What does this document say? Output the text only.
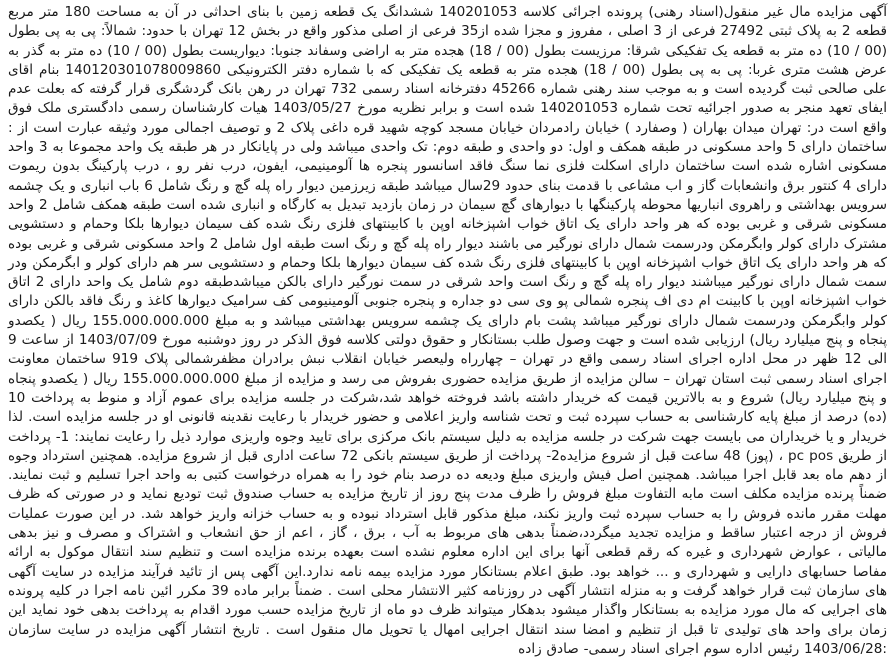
آگهی مزایده مال غیر منقول(اسناد رهنی) پرونده اجرائی کلاسه 140201053 ششدانگ یک قطعه زمین با بنای احداثی در آن به مساحت 180 متر مربع قطعه 2 به پلاک ثبتی 27492 فرعی از 3 اصلی ، مفروز و مجزا شده از35 فرعی از اصلی مذکور واقع در بخش 12 تهران با حدود: شمالاً: پی به پی بطول (00 / 10) ده متر به قطعه یک تفکیکی شرقا: مرزیست بطول (00 / 18) هجده متر به اراضی وسفاند جنوبا: دیواریست بطول (00 / 10) ده متر به گذر به عرض هشت متری غربا: پی به پی بطول (00 / 18) هجده متر به قطعه یک تفکیکی که با شماره دفتر الکترونیکی 140120301078009860 بنام اقای علی صالحی ثبت گردیده است و به موجب سند رهنی شماره 45266 دفترخانه اسناد رسمی 732 تهران در رهن بانک گردشگری قرار گرفته که بعلت عدم ایفای تعهد منجر به صدور اجرائیه تحت شماره 140201053 شده است و برابر نظریه مورخ 1403/05/27 هیات کارشناسان رسمی دادگستری ملک فوق واقع است در: تهران میدان بهاران ( وصفارد ) خیابان رادمردان خیابان مسجد کوچه شهید قره داغی پلاک 2 و توصیف اجمالی مورد وثیقه عبارت است از : ساختمان دارای 5 واحد مسکونی در طبقه همکف و اول: دو واحدی و طبقه دوم: تک واحدی میباشد ولی در پایانکار در هر طبقه یک واحد مجموعا به 3 واحد مسکونی اشاره شده است ساختمان دارای اسکلت فلزی نما سنگ فاقد اسانسور پنجره ها آلومینیمی، ایفون، درب نفر رو ، درب پارکینگ بدون ریموت دارای 4 کنتور برق وانشعابات گاز و اب مشاعی با قدمت بنای حدود 29سال میباشد طبقه زیرزمین دیوار راه پله گچ و رنگ شامل 6 باب انباری و یک چشمه سرویس بهداشتی و راهروی انباریها محوطه پارکینگها با دیوارهای گچ سیمان در زمان بازدید تبدیل به کارگاه و انباری شده است طبقه همکف شامل 2 واحد مسکونی شرقی و غربی بوده که هر واحد دارای یک اتاق خواب اشپزخانه اوپن با کابینتهای فلزی رنگ شده کف سیمان دیوارها بلکا وحمام و دستشویی مشترک دارای کولر وابگرمکن ودرسمت شمال دارای نورگیر می باشند دیوار راه پله گچ و رنگ است طبقه اول شامل 2 واحد مسکونی شرقی و غربی بوده که هر واحد دارای یک اتاق خواب اشپزخانه اوپن با کابینتهای فلزی رنگ شده کف سیمان دیوارها بلکا وحمام و دستشویی سر هم دارای کولر و ابگرمکن ودر سمت شمال دارای نورگیر میباشند دیوار راه پله گچ و رنگ است واحد شرقی در سمت نورگیر دارای بالکن میباشدطبقه دوم شامل یک واحد دارای 2 اتاق خواب اشپزخانه اوپن با کابینت ام دی اف پنجره شمالی پو وی سی دو جداره و پنجره جنوبی آلومینیومی کف سرامیک دیوارها کاغذ و رنگ فاقد بالکن دارای کولر وابگرمکن ودرسمت شمال دارای نورگیر میباشد پشت بام دارای یک چشمه سرویس بهداشتی میباشد و به مبلغ 155.000.000.000 ریال ( یکصدو پنجاه و پنج میلیارد ریال) ارزیابی شده است و جهت وصول طلب بستانکار و حقوق دولتی کلاسه فوق الذکر در روز دوشنبه مورخ 1403/07/09 از ساعت 9 الی 12 ظهر در محل اداره اجرای اسناد رسمی واقع در تهران – چهارراه ولیعصر خیابان انقلاب نبش برادران مظفرشمالی پلاک 919 ساختمان معاونت اجرای اسناد رسمی ثبت استان تهران – سالن مزایده از طریق مزایده حضوری بفروش می رسد و مزایده از مبلغ 155.000.000.000 ریال ( یکصدو پنجاه و پنج میلیارد ریال) شروع و به بالاترین قیمت که خریدار داشته باشد فروخته خواهد شد،شرکت در جلسه مزایده برای عموم آزاد و منوط به پرداخت 10 (ده) درصد از مبلغ پایه کارشناسی به حساب سپرده ثبت و تحت شناسه واریز اعلامی و حضور خریدار با رعایت نقدینه قانونی او در جلسه مزایده است. لذا خریدار و یا خریداران می بایست جهت شرکت در جلسه مزایده به دلیل سیستم بانک مرکزی برای تایید وجوه واریزی موارد ذیل را رعایت نمایند: 1- پرداخت از طریق pc pos ، (پوز) 48 ساعت قبل از شروع مزایده2- پرداخت از طریق سیستم بانکی 72 ساعت اداری قبل از شروع مزایده. همچنین استرداد وجوه از دهم ماه بعد قابل اجرا میباشد. همچنین اصل فیش واریزی مبلغ ودیعه ده درصد بنام خود را به همراه درخواست کتبی به واحد اجرا تسلیم و ثبت نمایند. ضمناً پرنده مزایده مکلف است مابه التفاوت مبلغ فروش را ظرف مدت پنج روز از تاریخ مزایده به حساب صندوق ثبت تودیع نماید و در صورتی که ظرف مهلت مقرر مانده فروش را به حساب سپرده ثبت واریز نکند، مبلغ مذکور قابل استرداد نبوده و به حساب خزانه واریز خواهد شد. در این صورت عملیات فروش از درجه اعتبار ساقط و مزایده تجدید میگردد،ضمناً بدهی های مربوط به آب ، برق ، گاز ، اعم از حق انشعاب و اشتراک و مصرف و نیز بدهی مالیاتی ، عوارض شهرداری و غیره که رقم قطعی آنها برای این اداره معلوم نشده است بعهده برنده مزایده است و تنظیم سند انتقال موکول به ارائه مفاصا حسابهای دارایی و شهرداری و ... خواهد بود. طبق اعلام بستانکار مورد مزایده بیمه نامه ندارد.این آگهی پس از تائید فرآیند مزایده در سایت آگهی های سازمان ثبت قرار خواهد گرفت و به منزله انتشار آگهی در روزنامه کثیر الانتشار محلی است . ضمناً برابر ماده 39 مکرر ائین نامه اجرا در کلیه پرونده های اجرایی که مال مورد مزایده به بستانکار واگذار میشود بدهکار میتواند ظرف دو ماه از تاریخ مزایده حسب مورد اقدام به پرداخت بدهی خود نماید این زمان برای واحد های تولیدی تا قبل از تنظیم و امضا سند انتقال اجرایی امهال یا تحویل مال منقول است . تاریخ انتشار آگهی مزایده در سایت سازمان :1403/06/28 رئیس اداره سوم اجرای اسناد رسمی- صادق زاده
